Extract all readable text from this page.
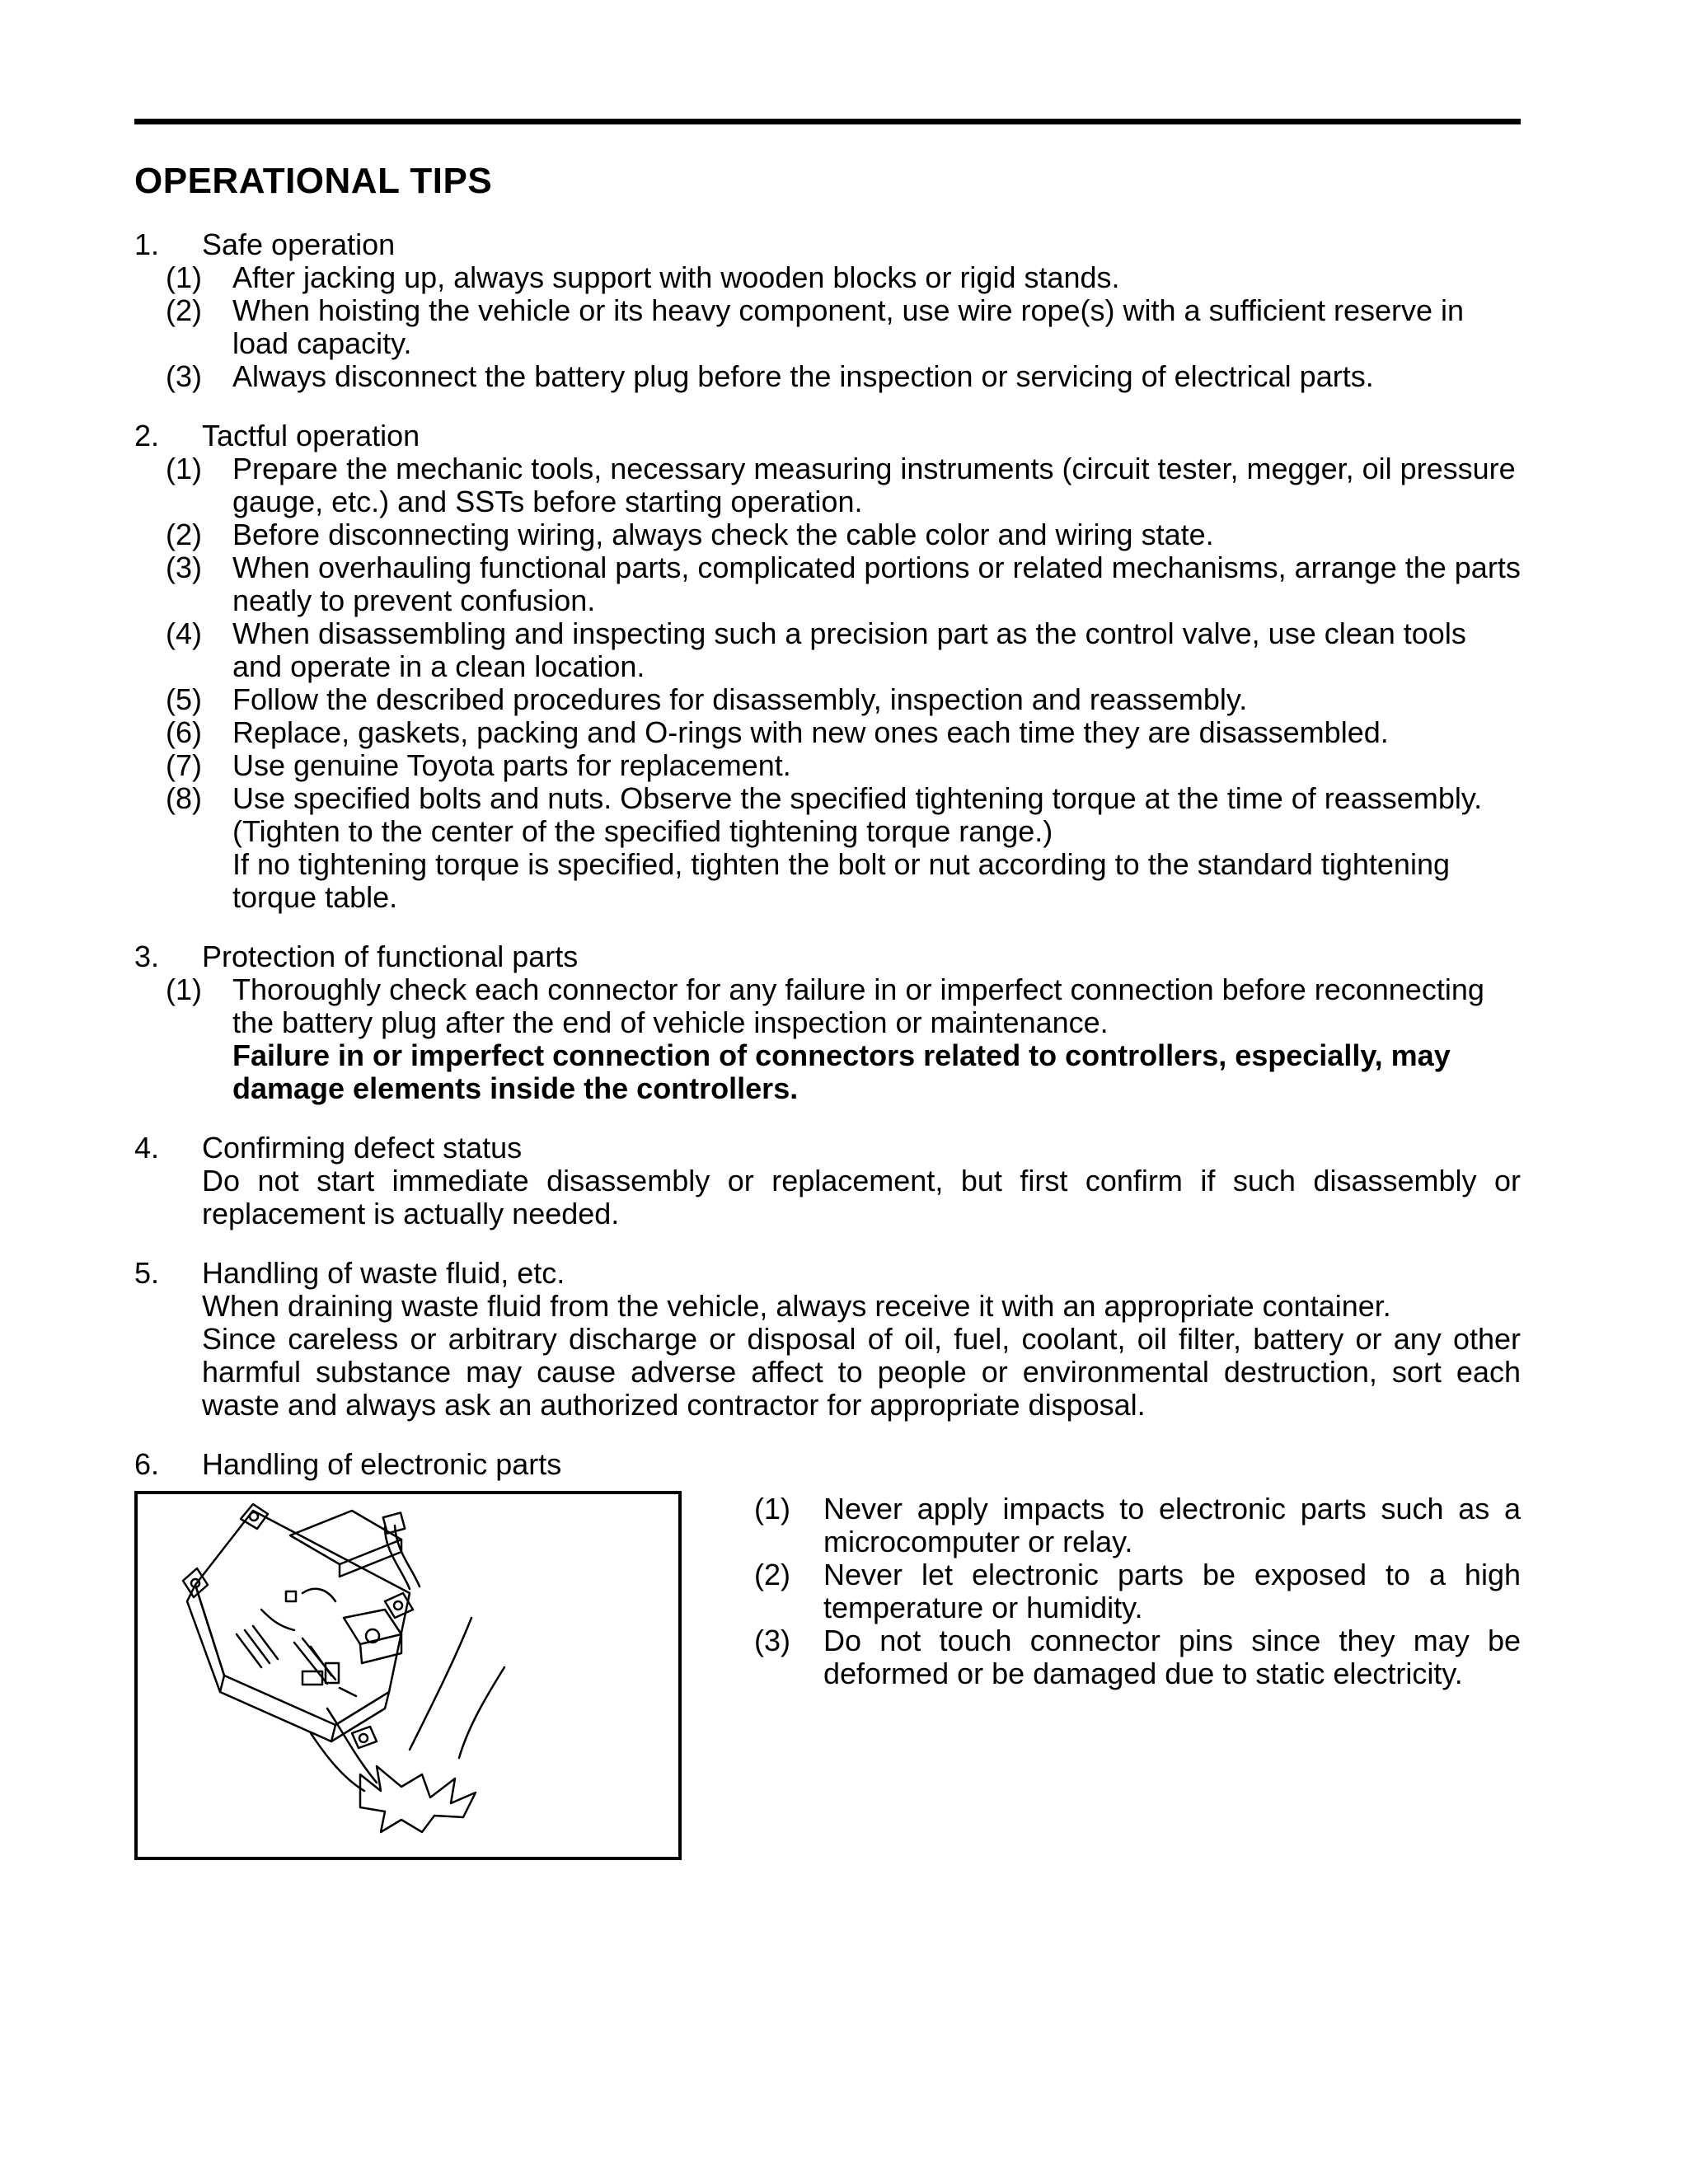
OPERATIONAL TIPS
1. Safe operation
(1) After jacking up, always support with wooden blocks or rigid stands.
(2) When hoisting the vehicle or its heavy component, use wire rope(s) with a sufficient reserve in load capacity.
(3) Always disconnect the battery plug before the inspection or servicing of electrical parts.
2. Tactful operation
(1) Prepare the mechanic tools, necessary measuring instruments (circuit tester, megger, oil pressure gauge, etc.) and SSTs before starting operation.
(2) Before disconnecting wiring, always check the cable color and wiring state.
(3) When overhauling functional parts, complicated portions or related mechanisms, arrange the parts neatly to prevent confusion.
(4) When disassembling and inspecting such a precision part as the control valve, use clean tools and operate in a clean location.
(5) Follow the described procedures for disassembly, inspection and reassembly.
(6) Replace, gaskets, packing and O-rings with new ones each time they are disassembled.
(7) Use genuine Toyota parts for replacement.
(8) Use specified bolts and nuts. Observe the specified tightening torque at the time of reassembly. (Tighten to the center of the specified tightening torque range.)
If no tightening torque is specified, tighten the bolt or nut according to the standard tightening torque table.
3. Protection of functional parts
(1) Thoroughly check each connector for any failure in or imperfect connection before reconnecting the battery plug after the end of vehicle inspection or maintenance.
Failure in or imperfect connection of connectors related to controllers, especially, may damage elements inside the controllers.
4. Confirming defect status
Do not start immediate disassembly or replacement, but first confirm if such disassembly or replacement is actually needed.
5. Handling of waste fluid, etc.
When draining waste fluid from the vehicle, always receive it with an appropriate container.
Since careless or arbitrary discharge or disposal of oil, fuel, coolant, oil filter, battery or any other harmful substance may cause adverse affect to people or environmental destruction, sort each waste and always ask an authorized contractor for appropriate disposal.
6. Handling of electronic parts
(1) Never apply impacts to electronic parts such as a microcomputer or relay.
(2) Never let electronic parts be exposed to a high temperature or humidity.
(3) Do not touch connector pins since they may be deformed or be damaged due to static electricity.
